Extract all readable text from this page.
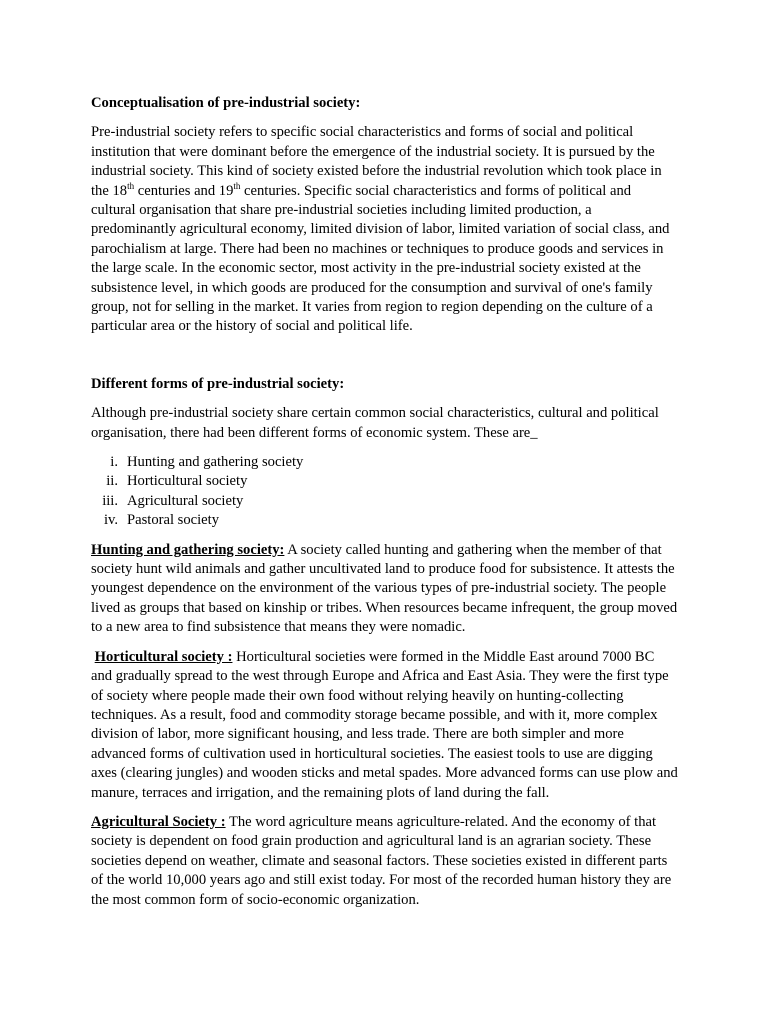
Conceptualisation of pre-industrial society:

Pre-industrial society refers to specific social characteristics and forms of social and political institution that were dominant before the emergence of the industrial society. It is pursued by the industrial society. This kind of society existed before the industrial revolution which took place in the 18th centuries and 19th centuries. Specific social characteristics and forms of political and cultural organisation that share pre-industrial societies including limited production, a predominantly agricultural economy, limited division of labor, limited variation of social class, and parochialism at large. There had been no machines or techniques to produce goods and services in the large scale. In the economic sector, most activity in the pre-industrial society existed at the subsistence level, in which goods are produced for the consumption and survival of one's family group, not for selling in the market. It varies from region to region depending on the culture of a particular area or the history of social and political life.

Different forms of pre-industrial society:

Although pre-industrial society share certain common social characteristics, cultural and political organisation, there had been different forms of economic system. These are_

i. Hunting and gathering society
ii. Horticultural society
iii. Agricultural society
iv. Pastoral society

Hunting and gathering society: A society called hunting and gathering when the member of that society hunt wild animals and gather uncultivated land to produce food for subsistence. It attests the youngest dependence on the environment of the various types of pre-industrial society. The people lived as groups that based on kinship or tribes. When resources became infrequent, the group moved to a new area to find subsistence that means they were nomadic.

Horticultural society : Horticultural societies were formed in the Middle East around 7000 BC and gradually spread to the west through Europe and Africa and East Asia. They were the first type of society where people made their own food without relying heavily on hunting-collecting techniques. As a result, food and commodity storage became possible, and with it, more complex division of labor, more significant housing, and less trade. There are both simpler and more advanced forms of cultivation used in horticultural societies. The easiest tools to use are digging axes (clearing jungles) and wooden sticks and metal spades. More advanced forms can use plow and manure, terraces and irrigation, and the remaining plots of land during the fall.

Agricultural Society : The word agriculture means agriculture-related. And the economy of that society is dependent on food grain production and agricultural land is an agrarian society. These societies depend on weather, climate and seasonal factors. These societies existed in different parts of the world 10,000 years ago and still exist today. For most of the recorded human history they are the most common form of socio-economic organization.
